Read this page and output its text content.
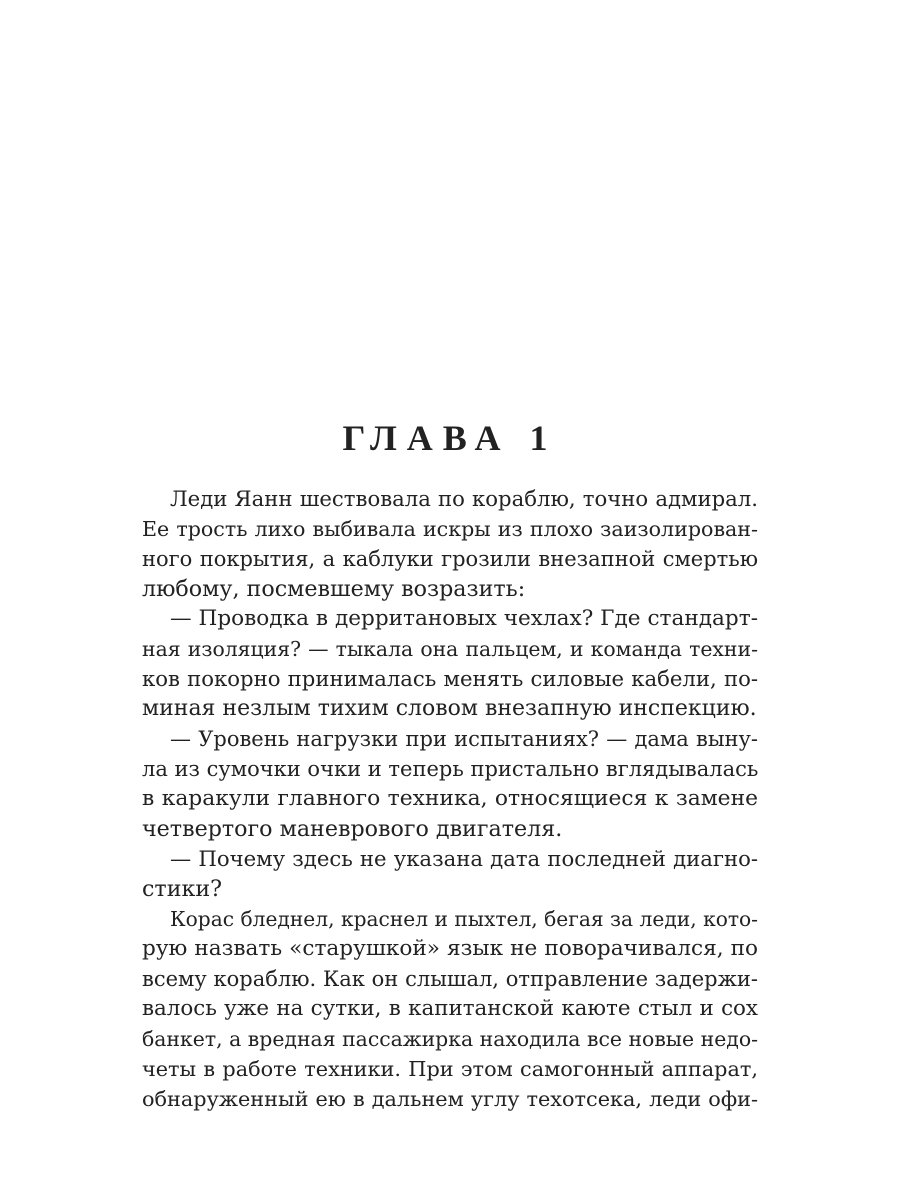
ГЛАВА 1
Леди Яанн шествовала по кораблю, точно адмирал.
Ее трость лихо выбивала искры из плохо заизолирован-
ного покрытия, а каблуки грозили внезапной смертью
любому, посмевшему возразить:
— Проводка в дерритановых чехлах? Где стандарт-
ная изоляция? — тыкала она пальцем, и команда техни-
ков покорно принималась менять силовые кабели, по-
миная незлым тихим словом внезапную инспекцию.
— Уровень нагрузки при испытаниях? — дама выну-
ла из сумочки очки и теперь пристально вглядывалась
в каракули главного техника, относящиеся к замене
четвертого маневрового двигателя.
— Почему здесь не указана дата последней диагно-
стики?
Корас бледнел, краснел и пыхтел, бегая за леди, кото-
рую назвать «старушкой» язык не поворачивался, по
всему кораблю. Как он слышал, отправление задержи-
валось уже на сутки, в капитанской каюте стыл и сох
банкет, а вредная пассажирка находила все новые недо-
четы в работе техники. При этом самогонный аппарат,
обнаруженный ею в дальнем углу техотсека, леди офи-
